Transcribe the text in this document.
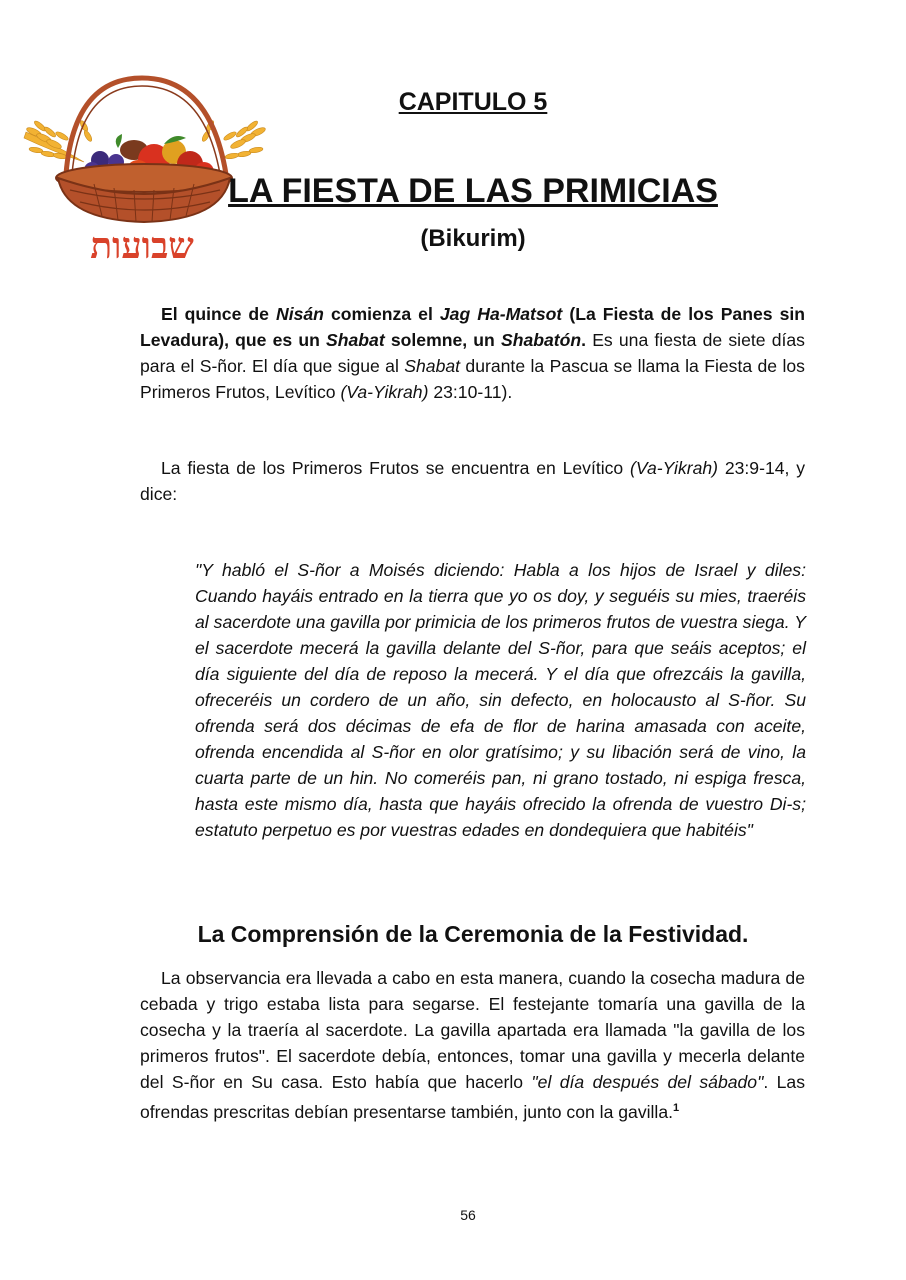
שבועות
CAPITULO 5
LA FIESTA DE LAS PRIMICIAS
(Bikurim)

El quince de Nisán comienza el Jag Ha-Matsot (La Fiesta de los Panes sin Levadura), que es un Shabat solemne, un Shabatón. Es una fiesta de siete días para el S-ñor. El día que sigue al Shabat durante la Pascua se llama la Fiesta de los Primeros Frutos, Levítico (Va-Yikrah) 23:10-11).

La fiesta de los Primeros Frutos se encuentra en Levítico (Va-Yikrah) 23:9-14, y dice:

"Y habló el S-ñor a Moisés diciendo: Habla a los hijos de Israel y diles: Cuando hayáis entrado en la tierra que yo os doy, y seguéis su mies, traeréis al sacerdote una gavilla por primicia de los primeros frutos de vuestra siega. Y el sacerdote mecerá la gavilla delante del S-ñor, para que seáis aceptos; el día siguiente del día de reposo la mecerá. Y el día que ofrezcáis la gavilla, ofreceréis un cordero de un año, sin defecto, en holocausto al S-ñor. Su ofrenda será dos décimas de efa de flor de harina amasada con aceite, ofrenda encendida al S-ñor en olor gratísimo; y su libación será de vino, la cuarta parte de un hin. No comeréis pan, ni grano tostado, ni espiga fresca, hasta este mismo día, hasta que hayáis ofrecido la ofrenda de vuestro Di-s; estatuto perpetuo es por vuestras edades en dondequiera que habitéis"

La Comprensión de la Ceremonia de la Festividad.

La observancia era llevada a cabo en esta manera, cuando la cosecha madura de cebada y trigo estaba lista para segarse. El festejante tomaría una gavilla de la cosecha y la traería al sacerdote. La gavilla apartada era llamada "la gavilla de los primeros frutos". El sacerdote debía, entonces, tomar una gavilla y mecerla delante del S-ñor en Su casa. Esto había que hacerlo "el día después del sábado". Las ofrendas prescritas debían presentarse también, junto con la gavilla.$^1$

56
